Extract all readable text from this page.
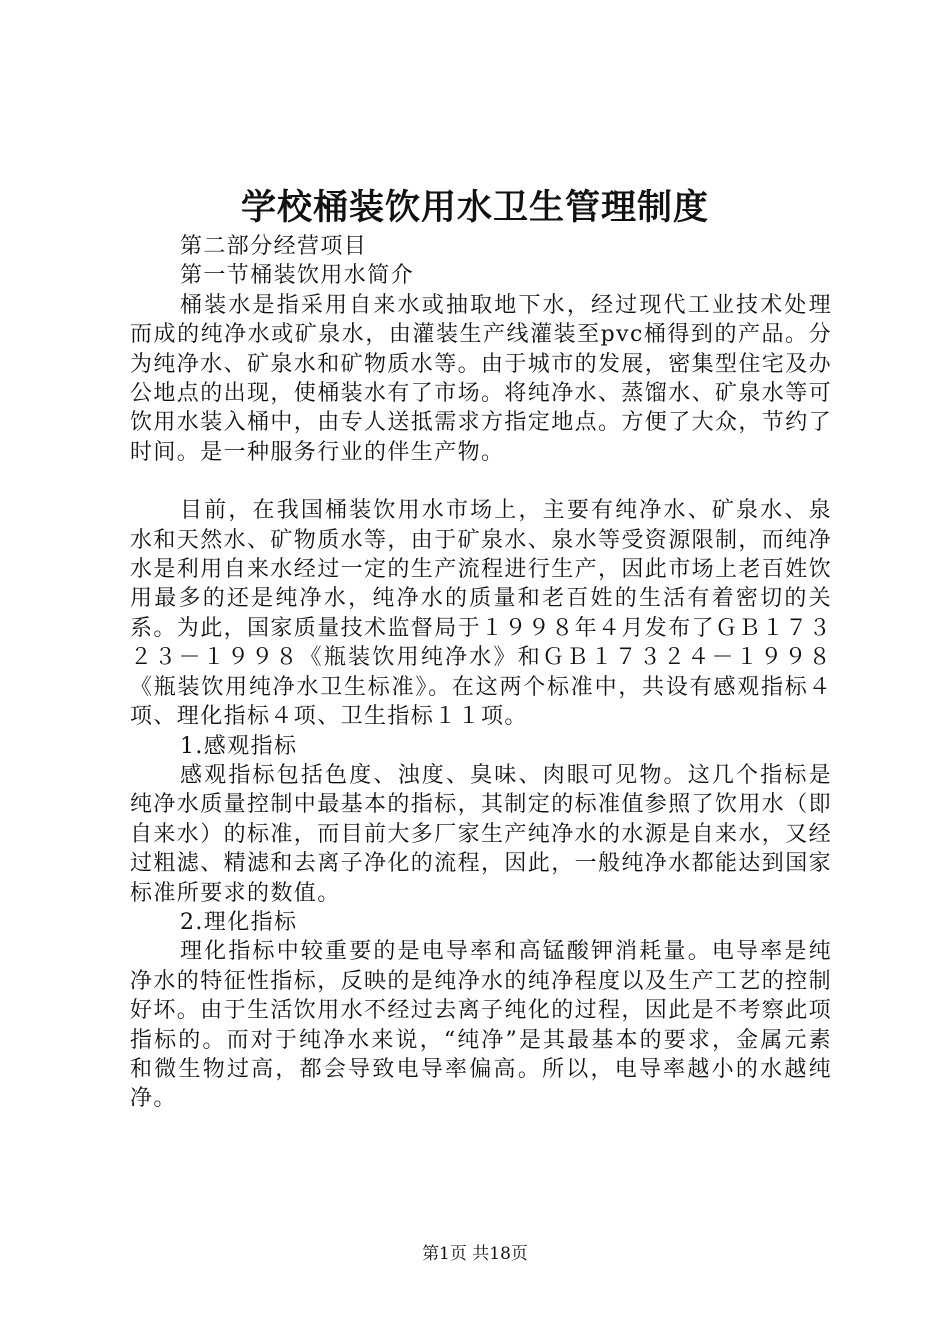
学校桶装饮用水卫生管理制度

第二部分经营项目

第一节桶装饮用水简介

桶装水是指采用自来水或抽取地下水，经过现代工业技术处理而成的纯净水或矿泉水，由灌装生产线灌装至pvc桶得到的产品。分为纯净水、矿泉水和矿物质水等。由于城市的发展，密集型住宅及办公地点的出现，使桶装水有了市场。将纯净水、蒸馏水、矿泉水等可饮用水装入桶中，由专人送抵需求方指定地点。方便了大众，节约了时间。是一种服务行业的伴生产物。

目前，在我国桶装饮用水市场上，主要有纯净水、矿泉水、泉水和天然水、矿物质水等，由于矿泉水、泉水等受资源限制，而纯净水是利用自来水经过一定的生产流程进行生产，因此市场上老百姓饮用最多的还是纯净水，纯净水的质量和老百姓的生活有着密切的关系。为此，国家质量技术监督局于１９９８年４月发布了ＧＢ１７３２３－１９９８《瓶装饮用纯净水》和ＧＢ１７３２４－１９９８《瓶装饮用纯净水卫生标准》。在这两个标准中，共设有感观指标４项、理化指标４项、卫生指标１１项。

1.感观指标

感观指标包括色度、浊度、臭味、肉眼可见物。这几个指标是纯净水质量控制中最基本的指标，其制定的标准值参照了饮用水（即自来水）的标准，而目前大多厂家生产纯净水的水源是自来水，又经过粗滤、精滤和去离子净化的流程，因此，一般纯净水都能达到国家标准所要求的数值。

2.理化指标

理化指标中较重要的是电导率和高锰酸钾消耗量。电导率是纯净水的特征性指标，反映的是纯净水的纯净程度以及生产工艺的控制好坏。由于生活饮用水不经过去离子纯化的过程，因此是不考察此项指标的。而对于纯净水来说，“纯净”是其最基本的要求，金属元素和微生物过高，都会导致电导率偏高。所以，电导率越小的水越纯净。

第1页 共18页
